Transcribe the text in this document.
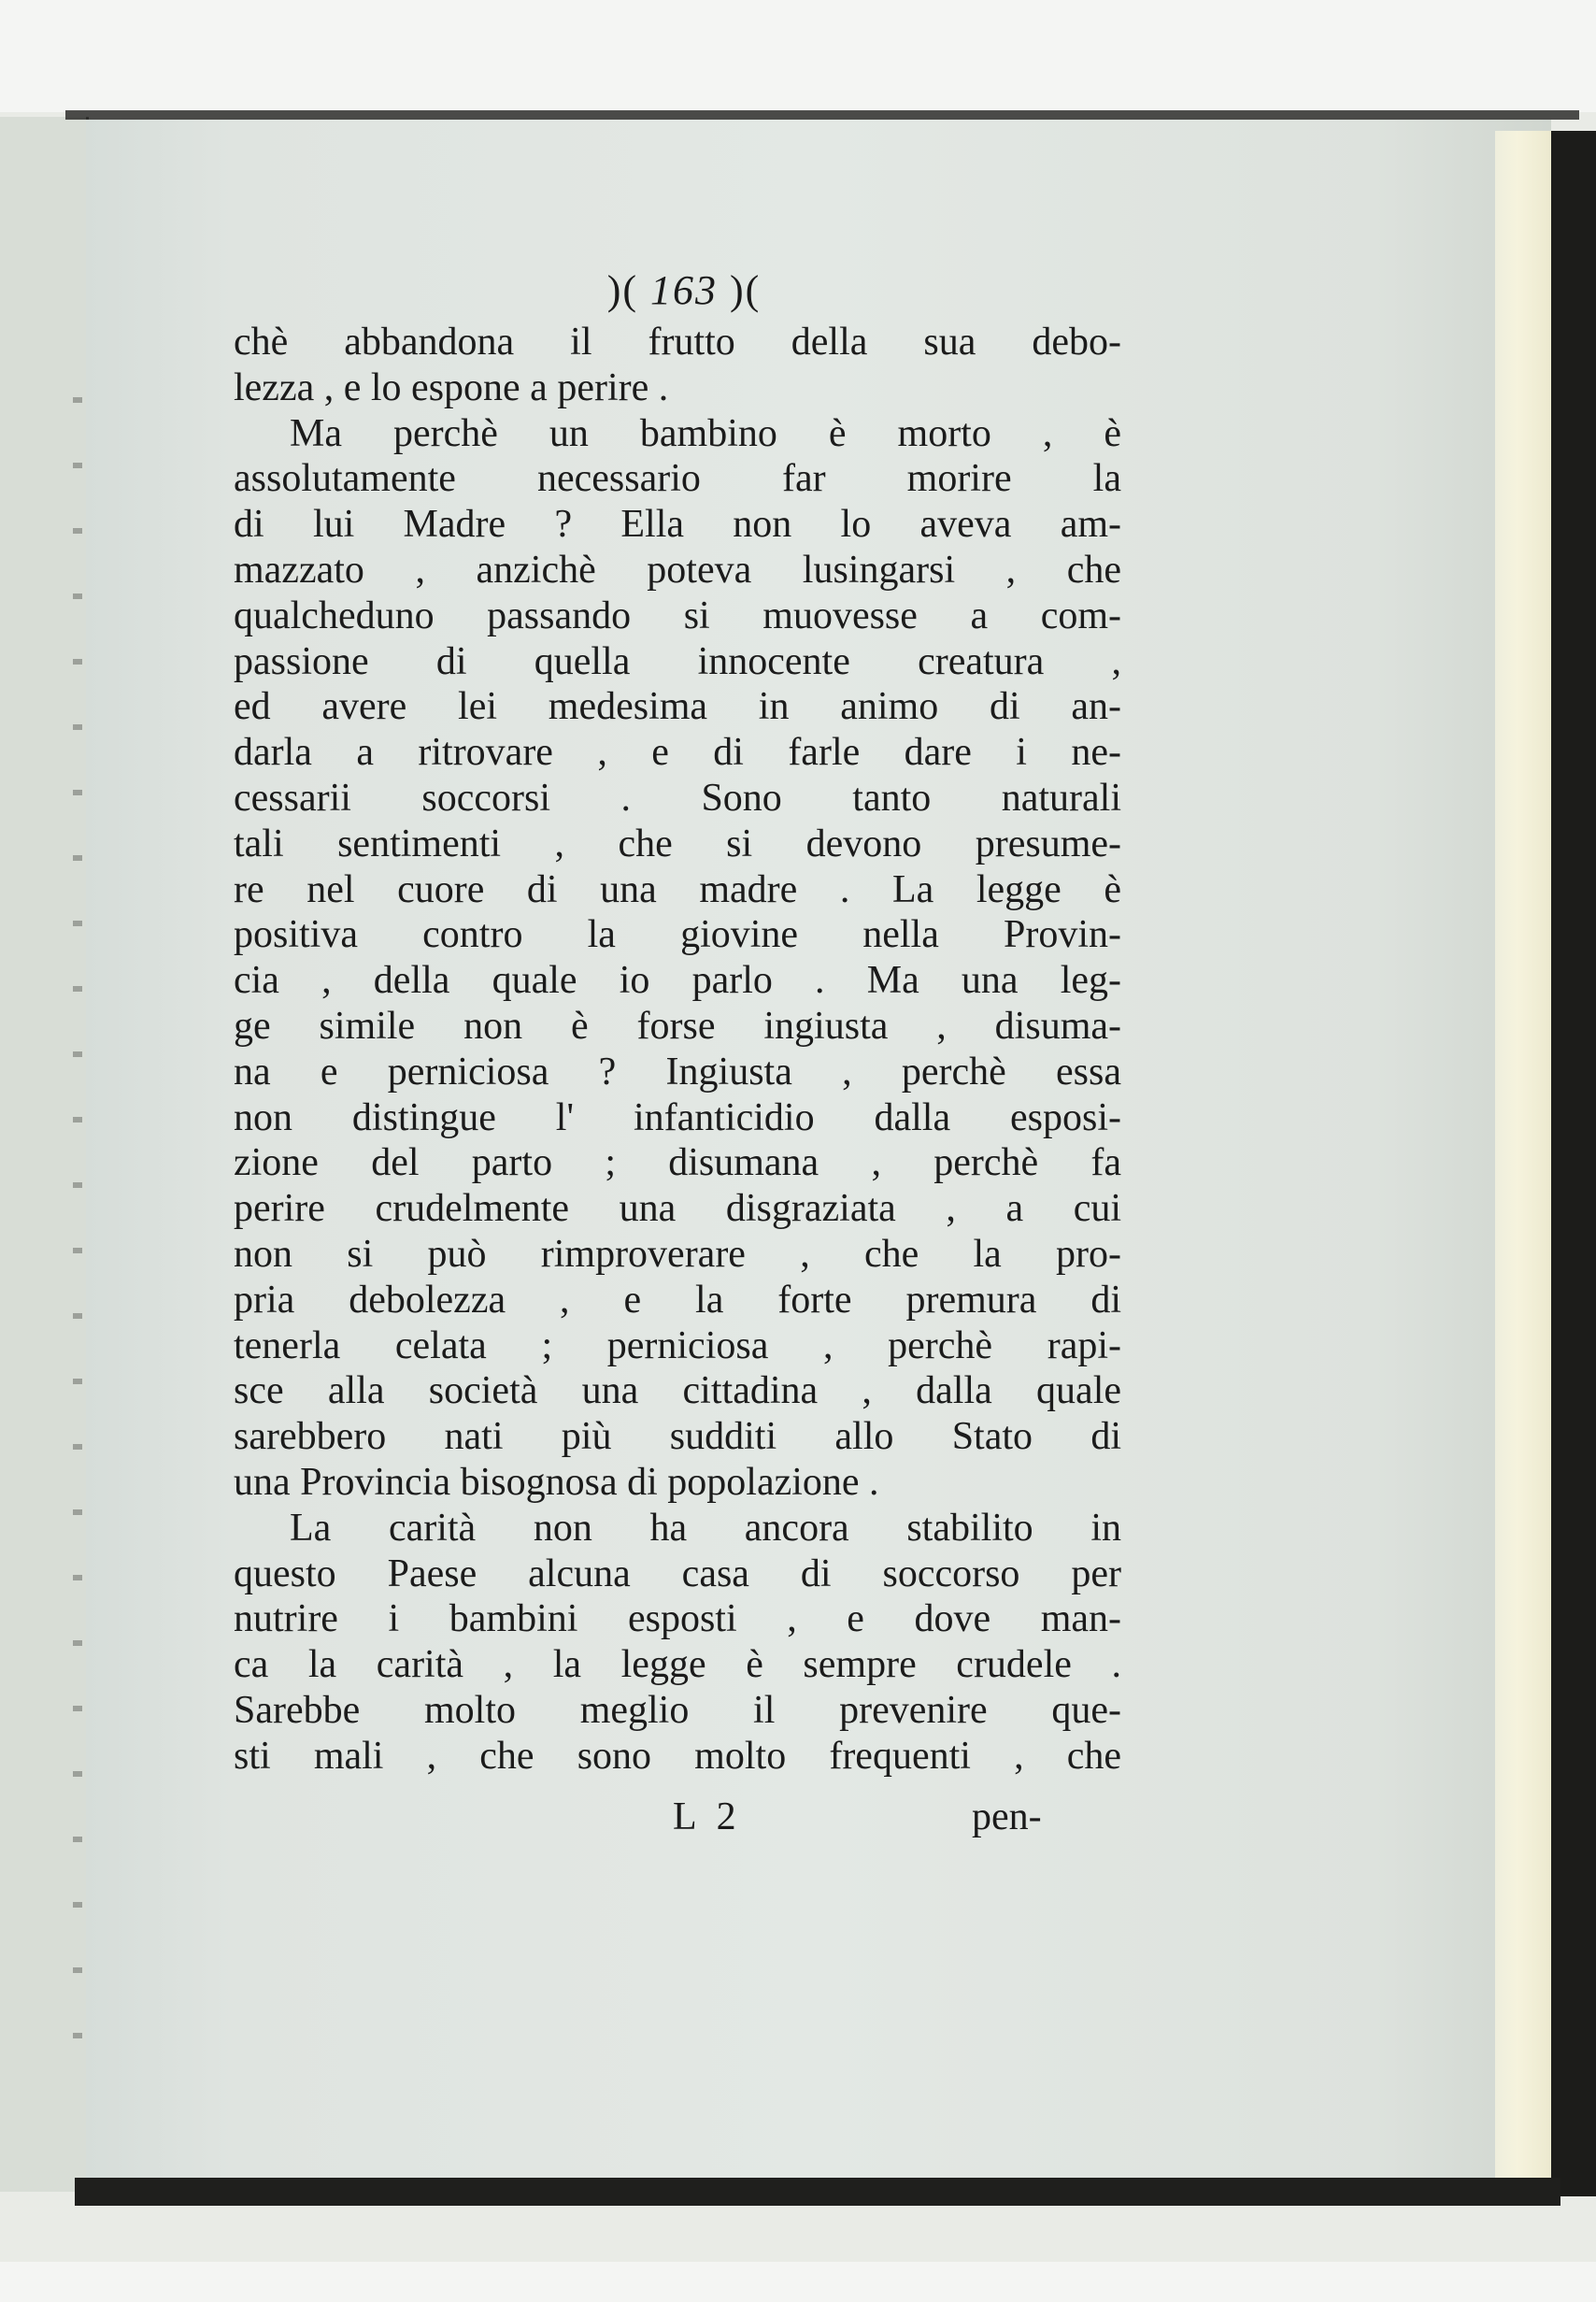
)( 163 )(
chè abbandona il frutto della sua debo-
lezza , e lo espone a perire .
Ma perchè un bambino è morto , è
assolutamente necessario far morire la
di lui Madre ? Ella non lo aveva am-
mazzato , anzichè poteva lusingarsi , che
qualcheduno passando si muovesse a com-
passione di quella innocente creatura ,
ed avere lei medesima in animo di an-
darla a ritrovare , e di farle dare i ne-
cessarii soccorsi . Sono tanto naturali
tali sentimenti , che si devono presume-
re nel cuore di una madre . La legge è
positiva contro la giovine nella Provin-
cia , della quale io parlo . Ma una leg-
ge simile non è forse ingiusta , disuma-
na e perniciosa ? Ingiusta , perchè essa
non distingue l' infanticidio dalla esposi-
zione del parto ; disumana , perchè fa
perire crudelmente una disgraziata , a cui
non si può rimproverare , che la pro-
pria debolezza , e la forte premura di
tenerla celata ; perniciosa , perchè rapi-
sce alla società una cittadina , dalla quale
sarebbero nati più sudditi allo Stato di
una Provincia bisognosa di popolazione .
La carità non ha ancora stabilito in
questo Paese alcuna casa di soccorso per
nutrire i bambini esposti , e dove man-
ca la carità , la legge è sempre crudele .
Sarebbe molto meglio il prevenire que-
sti mali , che sono molto frequenti , che
L 2	pen-
